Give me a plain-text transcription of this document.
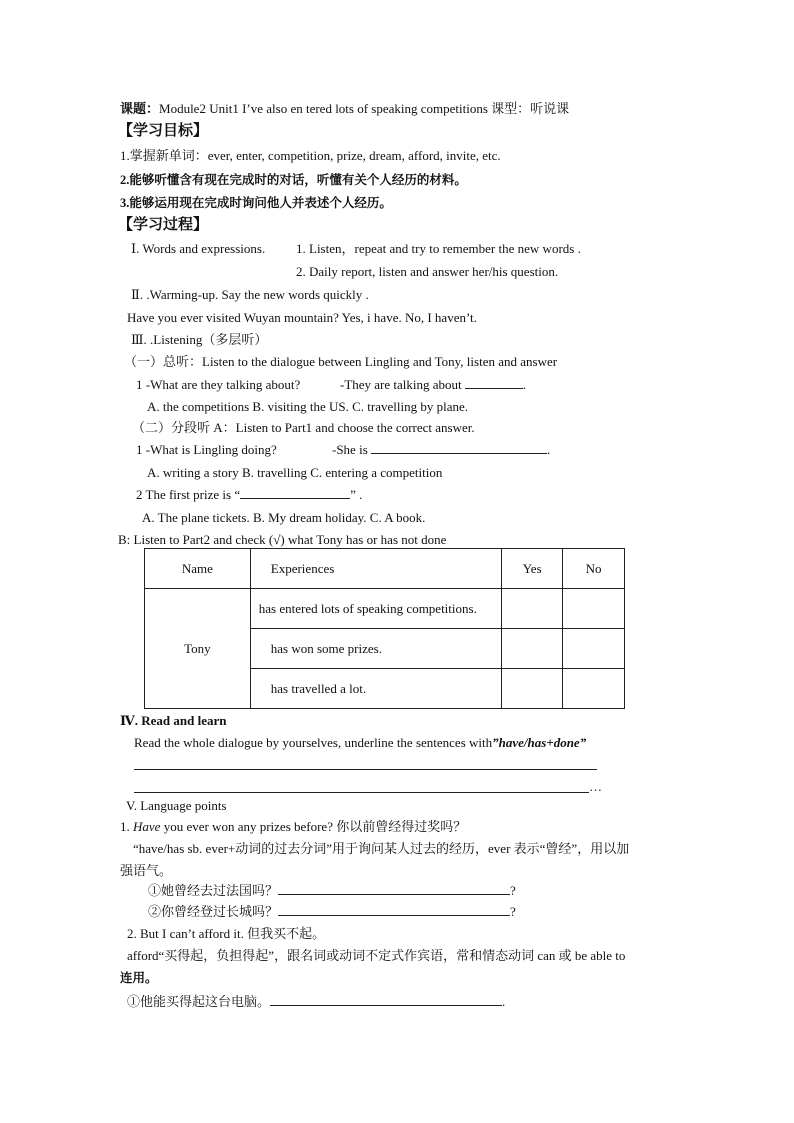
课题：Module2 Unit1 I’ve also en tered lots of speaking competitions 课型：听说课
【学习目标】
1.掌握新单词：ever, enter, competition, prize, dream, afford, invite, etc.
2.能够听懂含有现在完成时的对话，听懂有关个人经历的材料。
3.能够运用现在完成时询问他人并表述个人经历。
【学习过程】
Ⅰ. Words and expressions. 1. Listen，repeat and try to remember the new words .
2. Daily report, listen and answer her/his question.
Ⅱ. .Warming-up. Say the new words quickly .
Have you ever visited Wuyan mountain? Yes, i have. No, I haven’t.
Ⅲ. .Listening（多层听）
（一）总听：Listen to the dialogue between Lingling and Tony, listen and answer
1 -What are they talking about?	-They are talking about	.
A. the competitions B. visiting the US. C. travelling by plane.
（二）分段听 A：Listen to Part1 and choose the correct answer.
1 -What is Lingling doing?	-She is	.
A. writing a story B. travelling C. entering a competition
2 The first prize is “	” .
A. The plane tickets. B. My dream holiday. C. A book.
B: Listen to Part2 and check (√) what Tony has or has not done
Name	Experiences	Yes	No
Tony	has entered lots of speaking competitions.		
	has won some prizes.		
	has travelled a lot.		
Ⅳ. Read and learn
Read the whole dialogue by yourselves, underline the sentences with”have/has+done”
…
V. Language points
1. Have you ever won any prizes before? 你以前曾经得过奖吗？
“have/has sb. ever+动词的过去分词”用于询问某人过去的经历，ever 表示“曾经”，用以加
强语气。
①她曾经去过法国吗？	?
②你曾经登过长城吗？	?
2. But I can’t afford it. 但我买不起。
afford“买得起，负担得起”，跟名词或动词不定式作宾语，常和情态动词 can 或 be able to
连用。
①他能买得起这台电脑。	.
